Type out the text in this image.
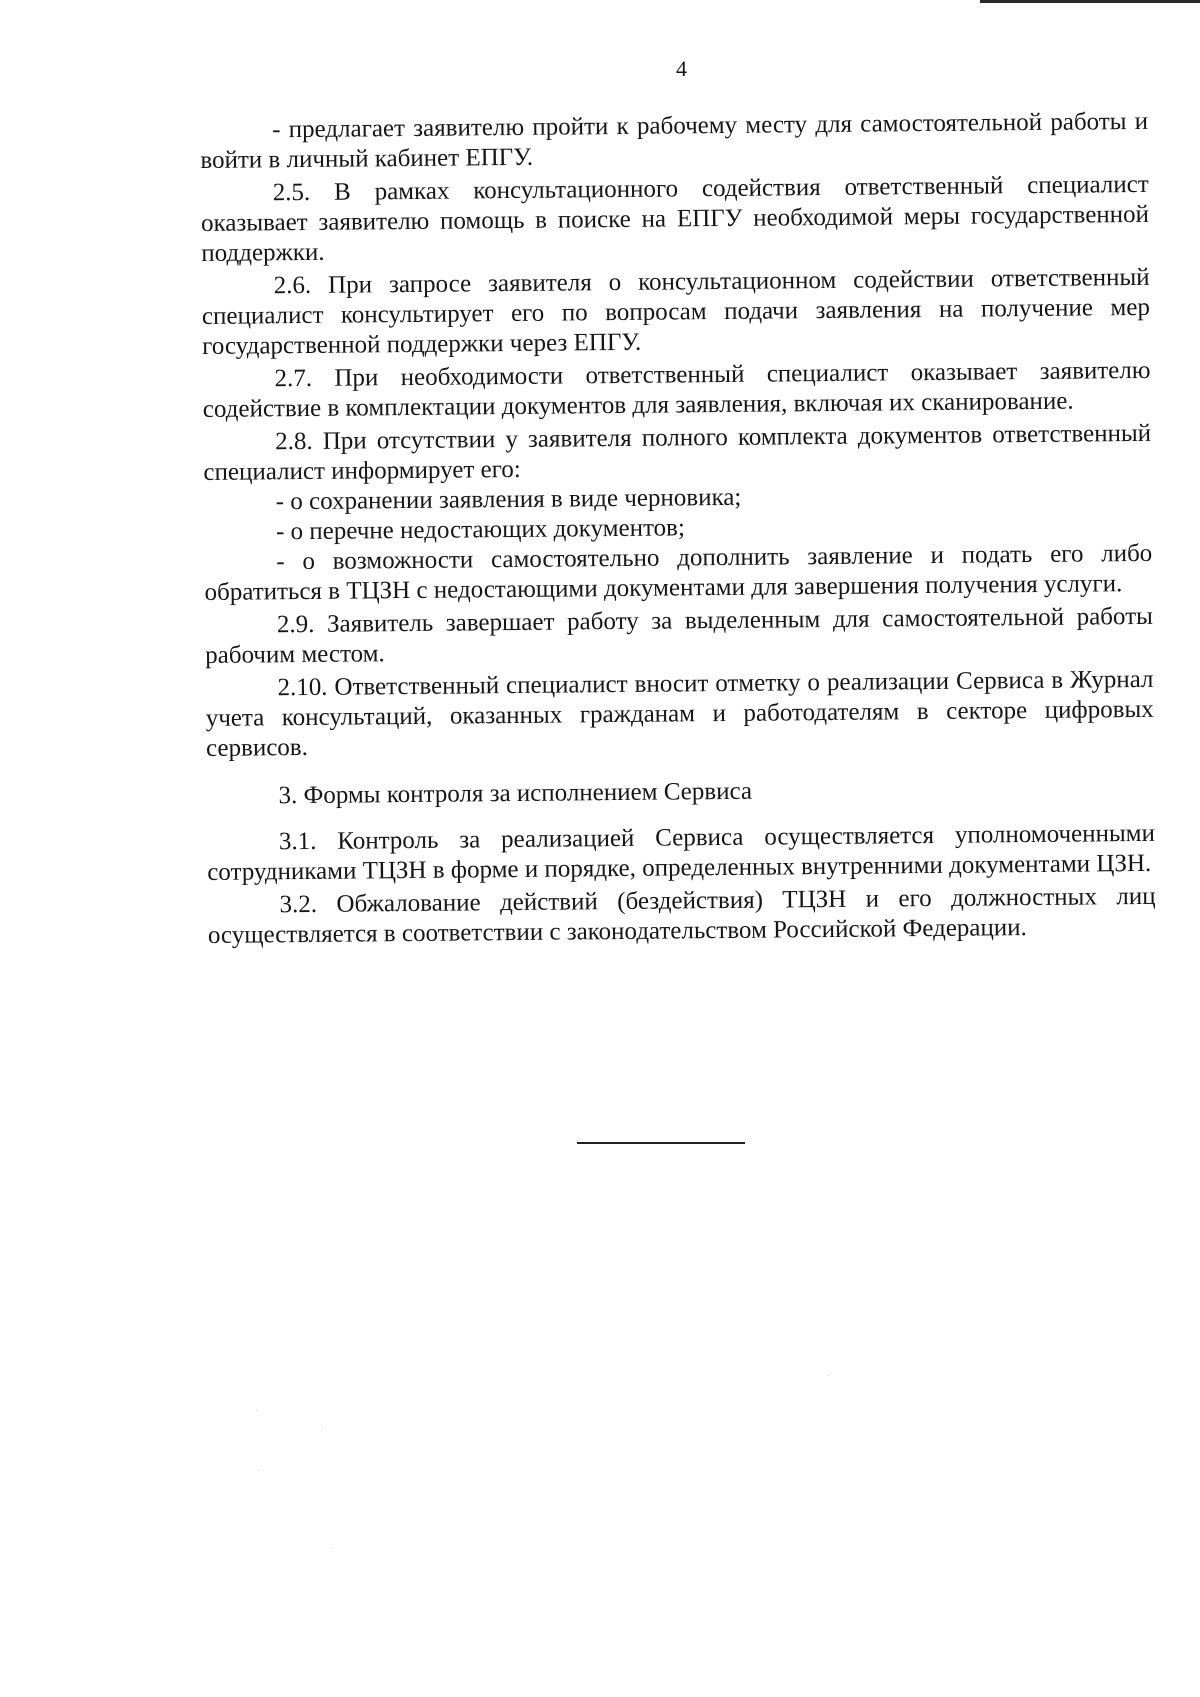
4

- предлагает заявителю пройти к рабочему месту для самостоятельной работы и войти в личный кабинет ЕПГУ.

2.5. В рамках консультационного содействия ответственный специалист оказывает заявителю помощь в поиске на ЕПГУ необходимой меры государственной поддержки.

2.6. При запросе заявителя о консультационном содействии ответственный специалист консультирует его по вопросам подачи заявления на получение мер государственной поддержки через ЕПГУ.

2.7. При необходимости ответственный специалист оказывает заявителю содействие в комплектации документов для заявления, включая их сканирование.

2.8. При отсутствии у заявителя полного комплекта документов ответственный специалист информирует его:

- о сохранении заявления в виде черновика;

- о перечне недостающих документов;

- о возможности самостоятельно дополнить заявление и подать его либо обратиться в ТЦЗН с недостающими документами для завершения получения услуги.

2.9. Заявитель завершает работу за выделенным для самостоятельной работы рабочим местом.

2.10. Ответственный специалист вносит отметку о реализации Сервиса в Журнал учета консультаций, оказанных гражданам и работодателям в секторе цифровых сервисов.

3. Формы контроля за исполнением Сервиса

3.1. Контроль за реализацией Сервиса осуществляется уполномоченными сотрудниками ТЦЗН в форме и порядке, определенных внутренними документами ЦЗН.

3.2. Обжалование действий (бездействия) ТЦЗН и его должностных лиц осуществляется в соответствии с законодательством Российской Федерации.
